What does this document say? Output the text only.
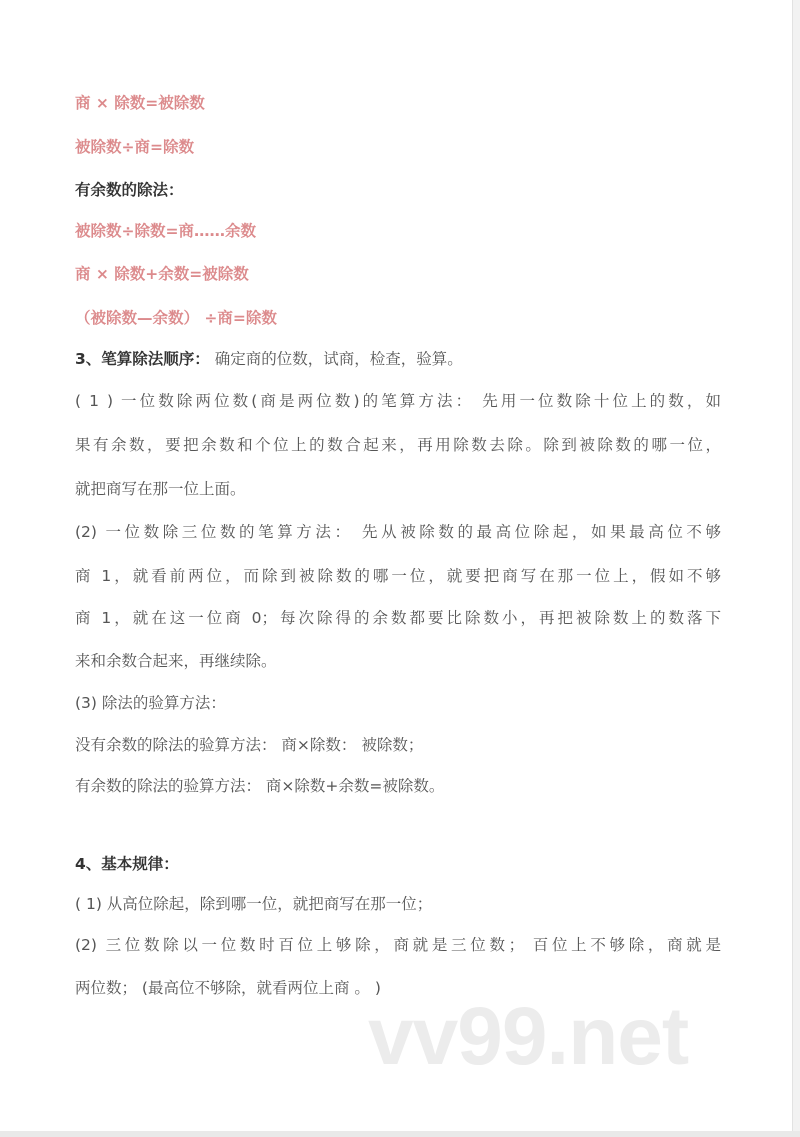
商 × 除数=被除数
被除数÷商=除数
有余数的除法：
被除数÷除数=商……余数
商 × 除数+余数=被除数
（被除数—余数） ÷商=除数
3、笔算除法顺序： 确定商的位数，试商，检查，验算。
( 1 ) 一位数除两位数(商是两位数)的笔算方法： 先用一位数除十位上的数，如
果有余数，要把余数和个位上的数合起来，再用除数去除。除到被除数的哪一位，
就把商写在那一位上面。
(2) 一位数除三位数的笔算方法： 先从被除数的最高位除起，如果最高位不够
商 1，就看前两位，而除到被除数的哪一位，就要把商写在那一位上，假如不够
商 1，就在这一位商 0；每次除得的余数都要比除数小，再把被除数上的数落下
来和余数合起来，再继续除。
(3) 除法的验算方法：
没有余数的除法的验算方法： 商×除数： 被除数；
有余数的除法的验算方法： 商×除数+余数=被除数。
4、基本规律：
( 1) 从高位除起，除到哪一位，就把商写在那一位；
(2) 三位数除以一位数时百位上够除，商就是三位数； 百位上不够除，商就是
两位数； (最高位不够除，就看两位上商 。 )
vv99.net
